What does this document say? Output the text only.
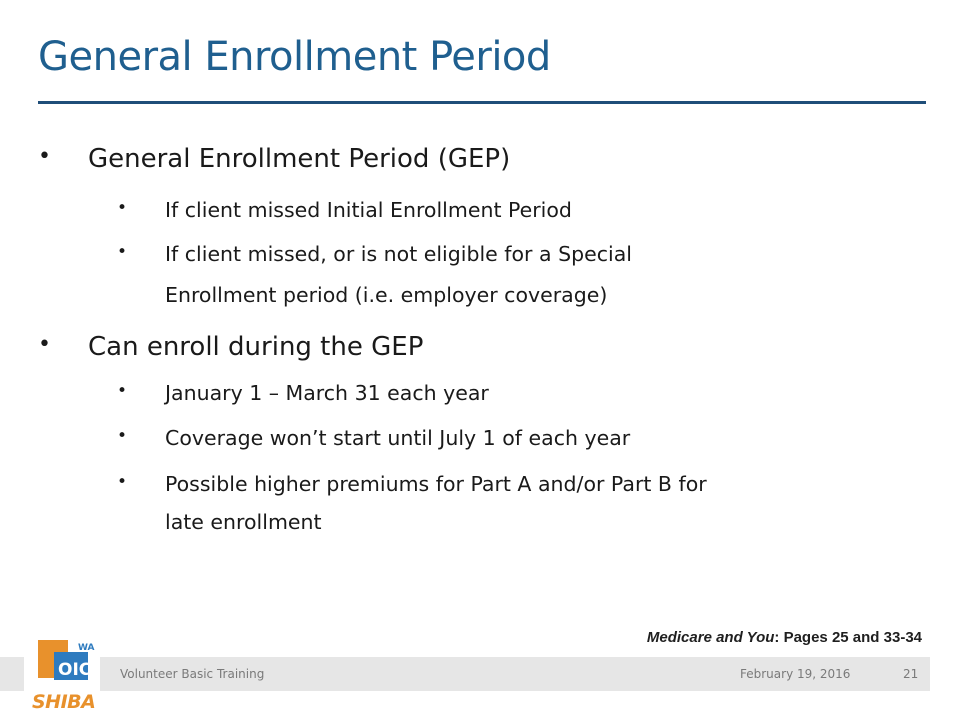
General Enrollment Period
• General Enrollment Period (GEP)
• If client missed Initial Enrollment Period
• If client missed, or is not eligible for a Special
Enrollment period (i.e. employer coverage)
• Can enroll during the GEP
• January 1 – March 31 each year
• Coverage won’t start until July 1 of each year
• Possible higher premiums for Part A and/or Part B for
late enrollment
Medicare and You: Pages 25 and 33-34
Volunteer Basic Training	February 19, 2016	21
WA
OIC
SHIBA
